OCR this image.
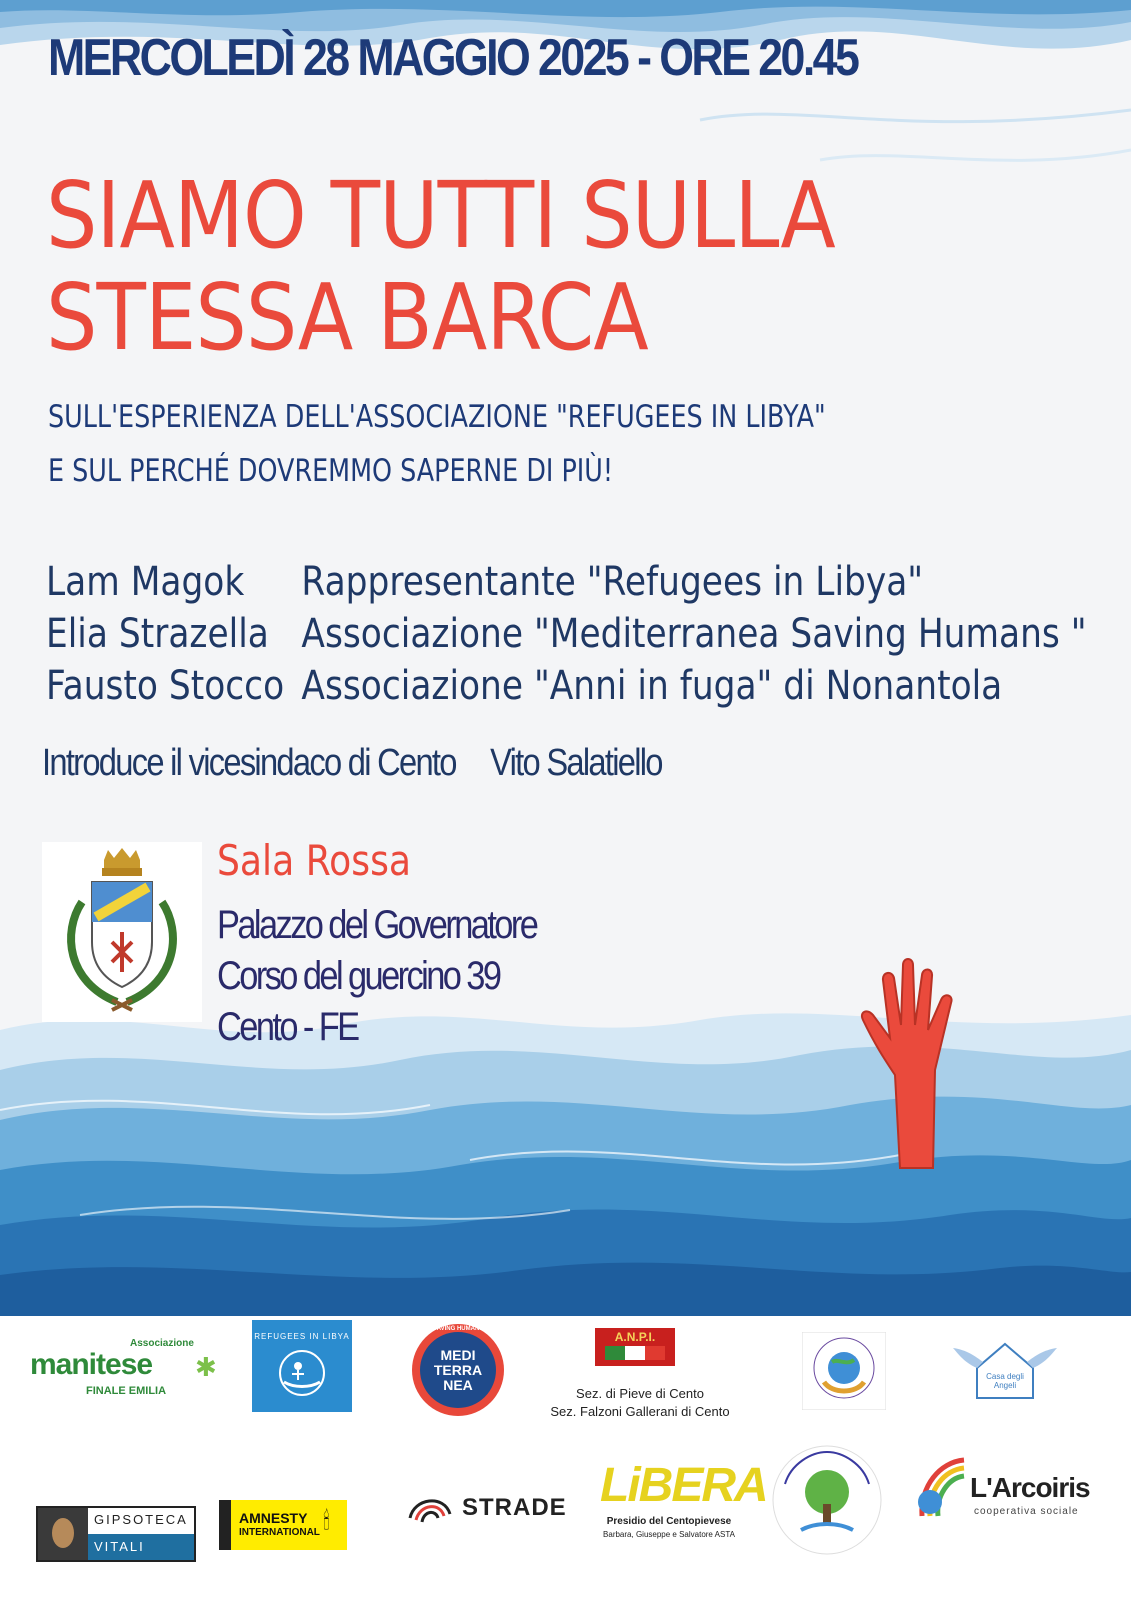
MERCOLEDÌ 28 MAGGIO 2025 - ORE 20.45
SIAMO TUTTI SULLA
STESSA BARCA

SULL'ESPERIENZA DELL'ASSOCIAZIONE "REFUGEES IN LIBYA"
E SUL PERCHÉ DOVREMMO SAPERNE DI PIÙ!

Lam Magok	Rappresentante "Refugees in Libya"
Elia Strazella Associazione "Mediterranea Saving Humans "
Fausto Stocco Associazione "Anni in fuga" di Nonantola
Introduce il vicesindaco di Cento Vito Salatiello
Sala Rossa
Palazzo del Governatore
Corso del guercino 39
Cento - FE
Associazione
manitese ✱
FINALE EMILIA
REFUGEES IN LIBYA
SAVING HUMANS
MEDI
TERRA
NEA
A.N.P.I.
Sez. di Pieve di Cento
Sez. Falzoni Gallerani di Cento
Casa degli Angeli
GIPSOTECA
VITALI
AMNESTY
INTERNATIONAL 🕯
STRADE LiBERA
Presidio del Centopievese
Barbara, Giuseppe e Salvatore ASTA
L'Arcoiris
cooperativa sociale
